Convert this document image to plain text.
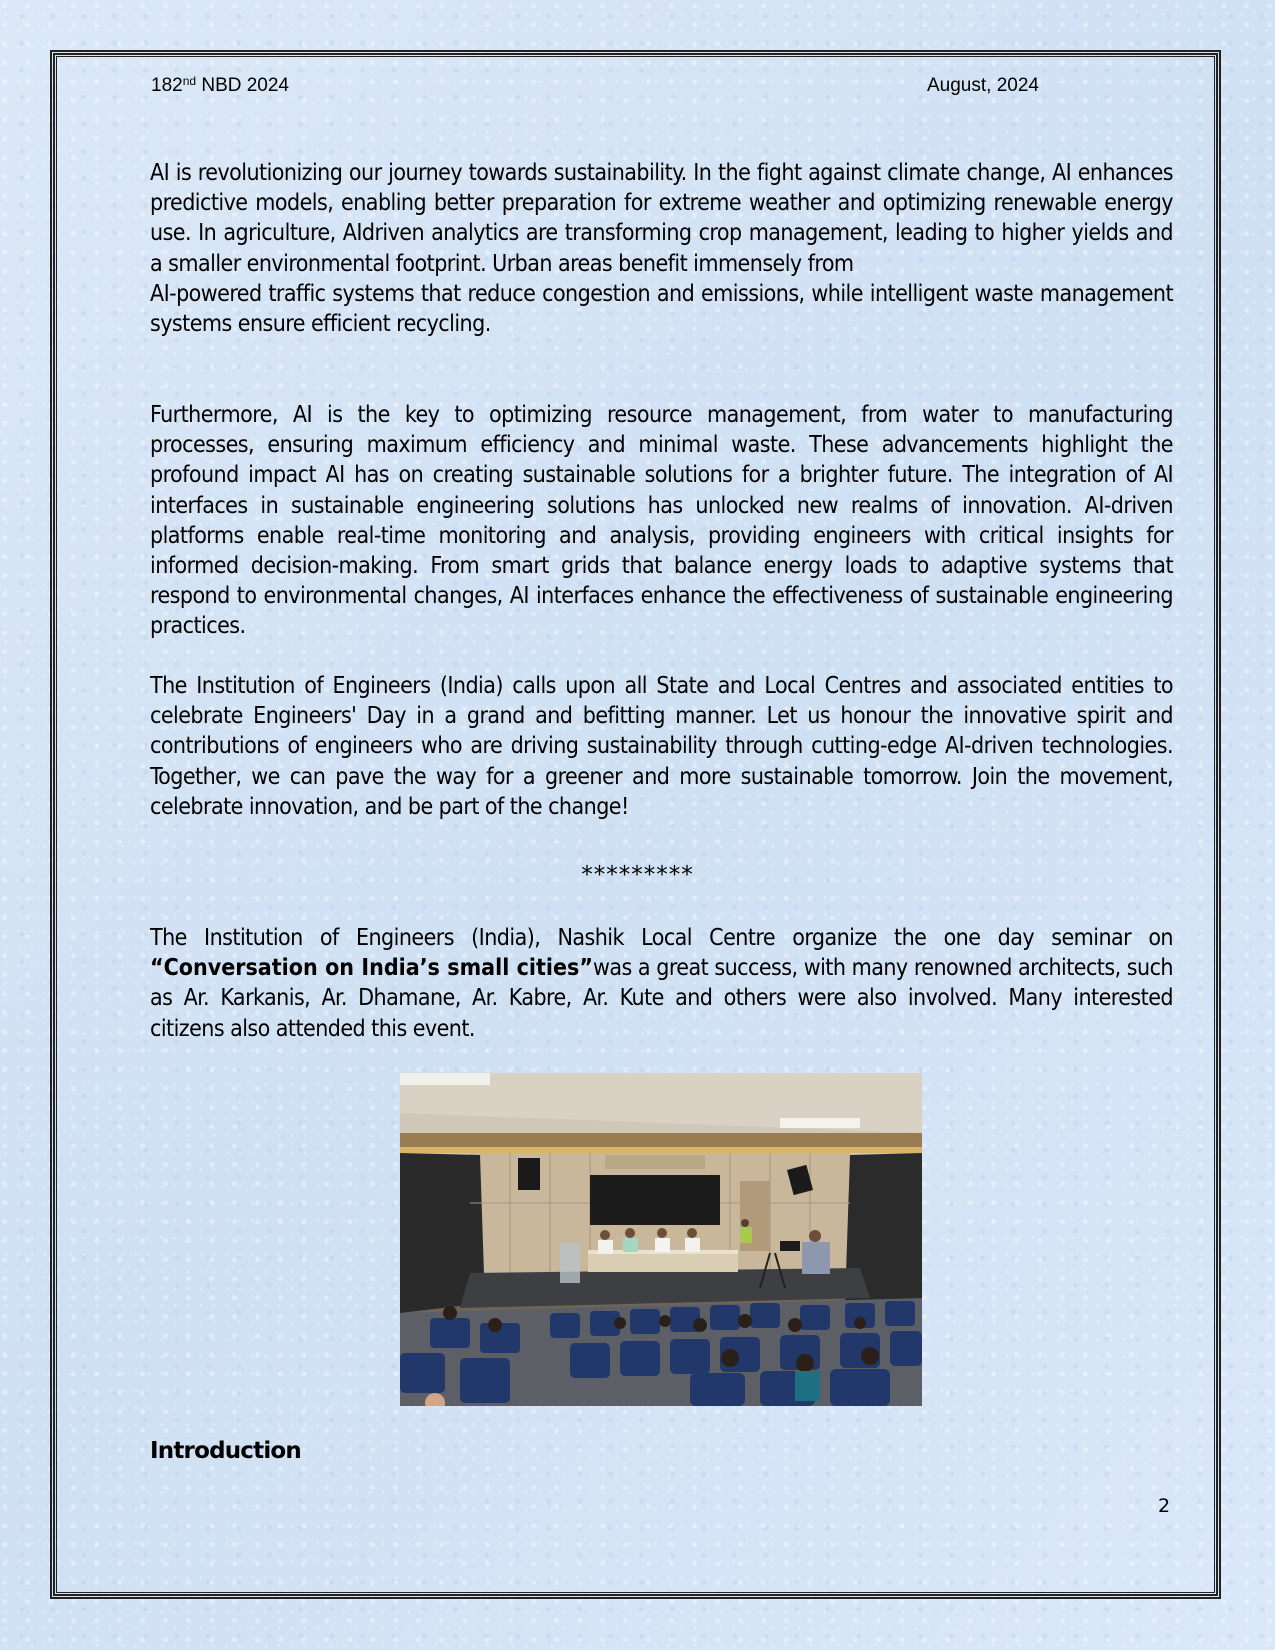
182nd NBD 2024	August, 2024
AI is revolutionizing our journey towards sustainability. In the fight against climate change, AI enhances predictive models, enabling better preparation for extreme weather and optimizing renewable energy use. In agriculture, AIdriven analytics are transforming crop management, leading to higher yields and a smaller environmental footprint. Urban areas benefit immensely from
AI-powered traffic systems that reduce congestion and emissions, while intelligent waste management systems ensure efficient recycling.
Furthermore, AI is the key to optimizing resource management, from water to manufacturing processes, ensuring maximum efficiency and minimal waste. These advancements highlight the profound impact AI has on creating sustainable solutions for a brighter future. The integration of AI interfaces in sustainable engineering solutions has unlocked new realms of innovation. AI-driven platforms enable real-time monitoring and analysis, providing engineers with critical insights for informed decision-making. From smart grids that balance energy loads to adaptive systems that respond to environmental changes, AI interfaces enhance the effectiveness of sustainable engineering practices.
The Institution of Engineers (India) calls upon all State and Local Centres and associated entities to celebrate Engineers' Day in a grand and befitting manner. Let us honour the innovative spirit and contributions of engineers who are driving sustainability through cutting-edge AI-driven technologies. Together, we can pave the way for a greener and more sustainable tomorrow. Join the movement, celebrate innovation, and be part of the change!
*********
The Institution of Engineers (India), Nashik Local Centre organize the one day seminar on “Conversation on India’s small cities”was a great success, with many renowned architects, such as Ar. Karkanis, Ar. Dhamane, Ar. Kabre, Ar. Kute and others were also involved. Many interested citizens also attended this event.
Introduction
2
